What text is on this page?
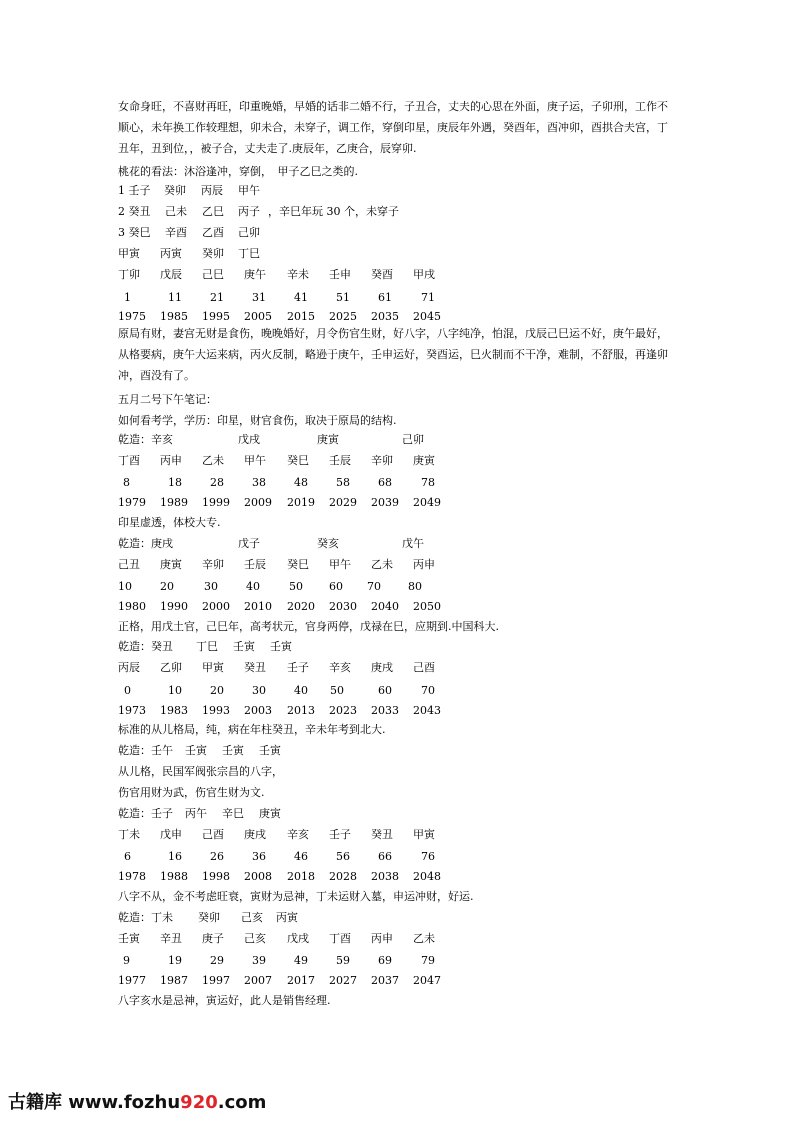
女命身旺，不喜财再旺，印重晚婚，早婚的话非二婚不行，子丑合，丈夫的心思在外面，庚子运，子卯刑，工作不顺心，未年换工作较理想，卯未合，未穿子，调工作，穿倒印星，庚辰年外遇，癸酉年，酉冲卯，酉拱合夫宫，丁丑年，丑到位，，被子合，丈夫走了.庚辰年，乙庚合，辰穿卯.
桃花的看法：沐浴逢冲，穿倒，　甲子乙巳之类的.
1 壬子 癸卯 丙辰 甲午
2 癸丑 己未 乙巳 丙子 ，辛巳年玩 30 个，未穿子
3 癸巳 辛酉 乙酉 己卯
甲寅 丙寅 癸卯 丁巳
丁卯 戊辰 己巳 庚午 辛未 壬申 癸酉 甲戌
1	11	21	31	41	51	61	71
1975 1985 1995 2005 2015 2025 2035 2045
原局有财，妻宫无财是食伤，晚晚婚好，月令伤官生财，好八字，八字纯净，怕混，戊辰己巳运不好，庚午最好，从格要病，庚午大运来病，丙火反制，略逊于庚午，壬申运好，癸酉运，巳火制而不干净，难制，不舒服，再逢卯冲，酉没有了。
五月二号下午笔记：
如何看考学，学历：印星，财官食伤，取决于原局的结构.
乾造：辛亥	戊戌	庚寅	己卯
丁酉 丙申 乙未 甲午 癸巳 壬辰 辛卯 庚寅
8	18	28	38	48	58	68	78
1979 1989 1999 2009 2019 2029 2039 2049
印星虚透，体校大专.
乾造：庚戌	戊子	癸亥	戊午
己丑 庚寅 辛卯 壬辰 癸巳 甲午 乙未 丙申
10	20	30	40	50 60 70 80
1980 1990 2000 2010 2020 2030 2040 2050
正格，用戊土官，己巳年，高考状元，官身两停，戊禄在巳，应期到.中国科大.
乾造：癸丑 丁巳 壬寅 壬寅
丙辰 乙卯 甲寅 癸丑 壬子 辛亥 庚戌 己酉
0	10	20	30	40 50	60	70
1973 1983 1993 2003 2013 2023 2033 2043
标准的从儿格局，纯，病在年柱癸丑，辛未年考到北大.
乾造：壬午 壬寅 壬寅 壬寅
从儿格，民国军阀张宗昌的八字，
伤官用财为武，伤官生财为文.
乾造：壬子 丙午 辛巳 庚寅
丁未 戊申 己酉 庚戌 辛亥 壬子 癸丑 甲寅
6	16	26	36	46	56	66	76
1978 1988 1998 2008 2018 2028 2038 2048
八字不从，金不考虑旺衰，寅财为忌神，丁未运财入墓，申运冲财，好运.
乾造：丁未 癸卯 己亥 丙寅
壬寅 辛丑 庚子 己亥 戊戌 丁酉 丙申 乙未
9	19	29	39	49	59	69	79
1977 1987 1997 2007 2017 2027 2037 2047
八字亥水是忌神，寅运好，此人是销售经理.
古籍库 www.fozhu920.com
